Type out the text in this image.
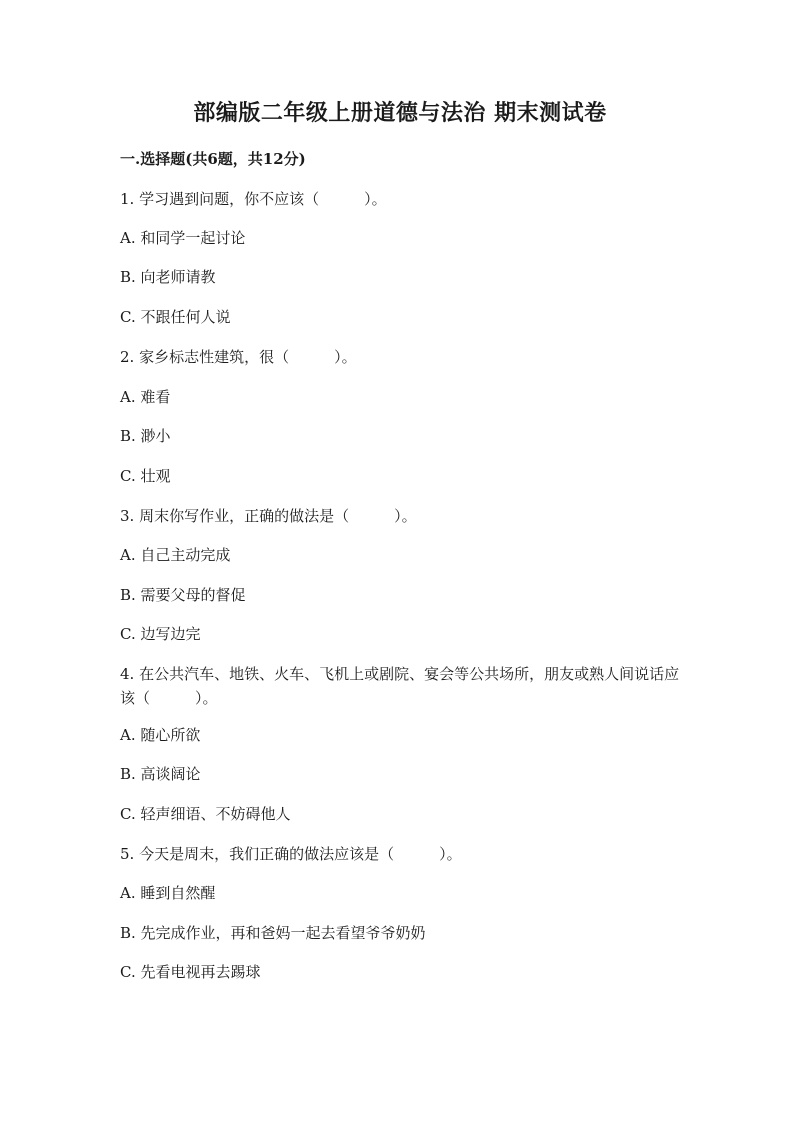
部编版二年级上册道德与法治 期末测试卷
一.选择题(共6题，共12分)
1. 学习遇到问题，你不应该（　　　）。
A. 和同学一起讨论
B. 向老师请教
C. 不跟任何人说
2. 家乡标志性建筑，很（　　　）。
A. 难看
B. 渺小
C. 壮观
3. 周末你写作业，正确的做法是（　　　）。
A. 自己主动完成
B. 需要父母的督促
C. 边写边完
4. 在公共汽车、地铁、火车、飞机上或剧院、宴会等公共场所，朋友或熟人间说话应该（　　　）。
A. 随心所欲
B. 高谈阔论
C. 轻声细语、不妨碍他人
5. 今天是周末，我们正确的做法应该是（　　　）。
A. 睡到自然醒
B. 先完成作业，再和爸妈一起去看望爷爷奶奶
C. 先看电视再去踢球
